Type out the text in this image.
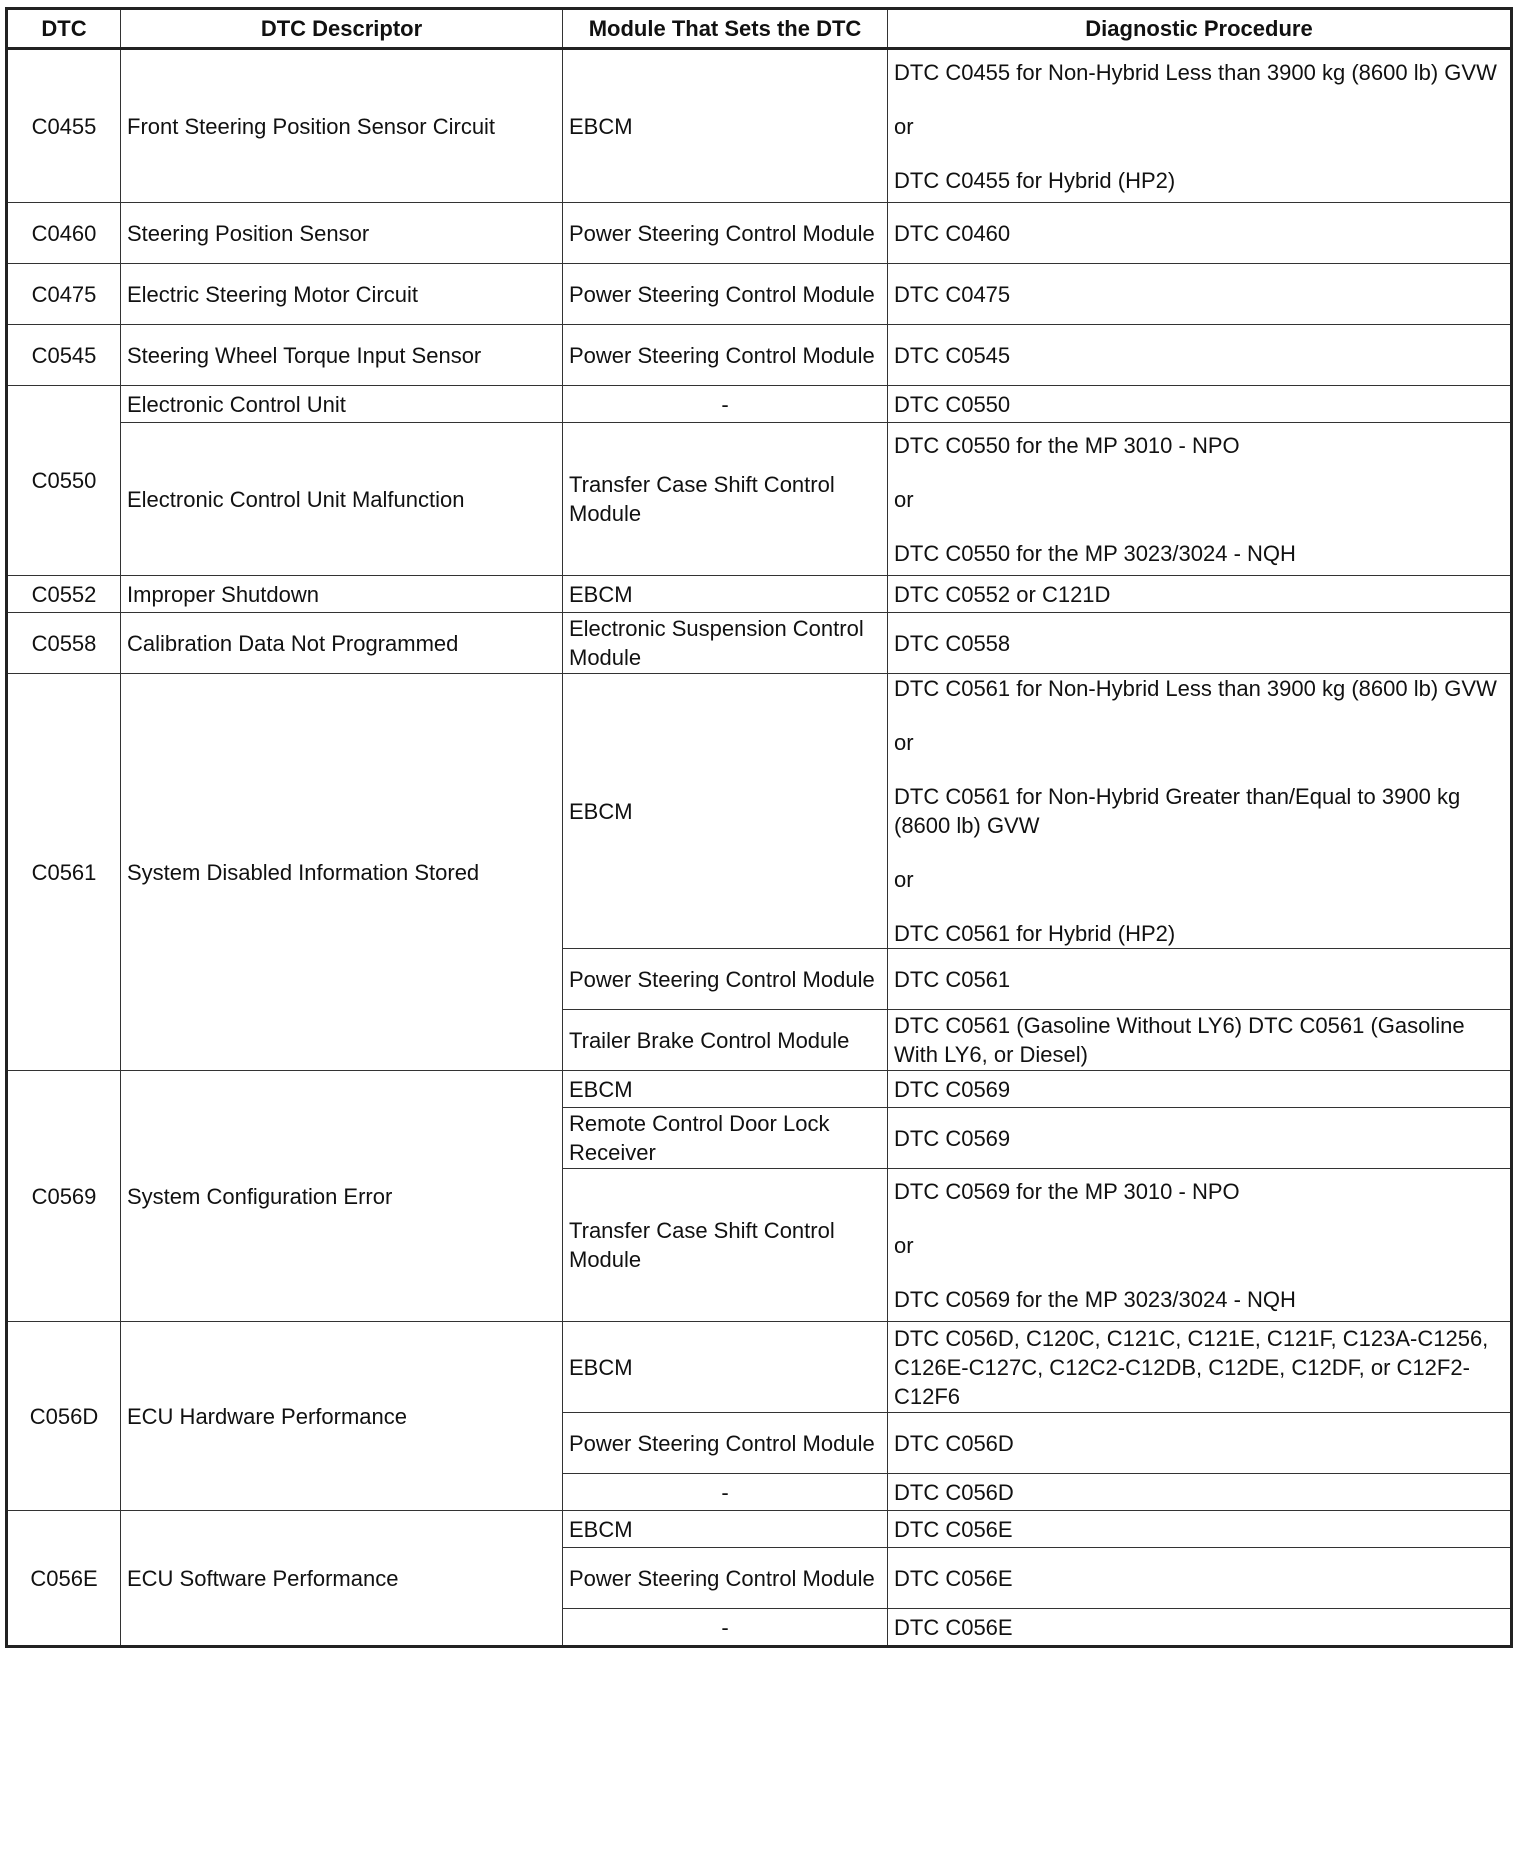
DTC	DTC Descriptor	Module That Sets the DTC	Diagnostic Procedure
C0455	Front Steering Position Sensor Circuit	EBCM	DTC C0455 for Non-Hybrid Less than 3900 kg (8600 lb) GVW
or
DTC C0455 for Hybrid (HP2)

C0460	Steering Position Sensor	Power Steering Control Module	DTC C0460

C0475	Electric Steering Motor Circuit	Power Steering Control Module	DTC C0475

C0545	Steering Wheel Torque Input Sensor	Power Steering Control Module	DTC C0545

C0550	Electronic Control Unit	-	DTC C0550

	Electronic Control Unit Malfunction	Transfer Case Shift Control Module	DTC C0550 for the MP 3010 - NPO
or
DTC C0550 for the MP 3023/3024 - NQH

C0552	Improper Shutdown	EBCM	DTC C0552 or C121D

C0558	Calibration Data Not Programmed	Electronic Suspension Control Module	DTC C0558

C0561	System Disabled Information Stored	EBCM	DTC C0561 for Non-Hybrid Less than 3900 kg (8600 lb) GVW
or
DTC C0561 for Non-Hybrid Greater than/Equal to 3900 kg (8600 lb) GVW
or
DTC C0561 for Hybrid (HP2)

		Power Steering Control Module	DTC C0561

		Trailer Brake Control Module	DTC C0561 (Gasoline Without LY6) DTC C0561 (Gasoline With LY6, or Diesel)

C0569	System Configuration Error	EBCM	DTC C0569

		Remote Control Door Lock Receiver	DTC C0569

		Transfer Case Shift Control Module	DTC C0569 for the MP 3010 - NPO
or
DTC C0569 for the MP 3023/3024 - NQH

C056D	ECU Hardware Performance	EBCM	DTC C056D, C120C, C121C, C121E, C121F, C123A-C1256, C126E-C127C, C12C2-C12DB, C12DE, C12DF, or C12F2-C12F6

		Power Steering Control Module	DTC C056D

		-	DTC C056D

C056E	ECU Software Performance	EBCM	DTC C056E

		Power Steering Control Module	DTC C056E

		-	DTC C056E
